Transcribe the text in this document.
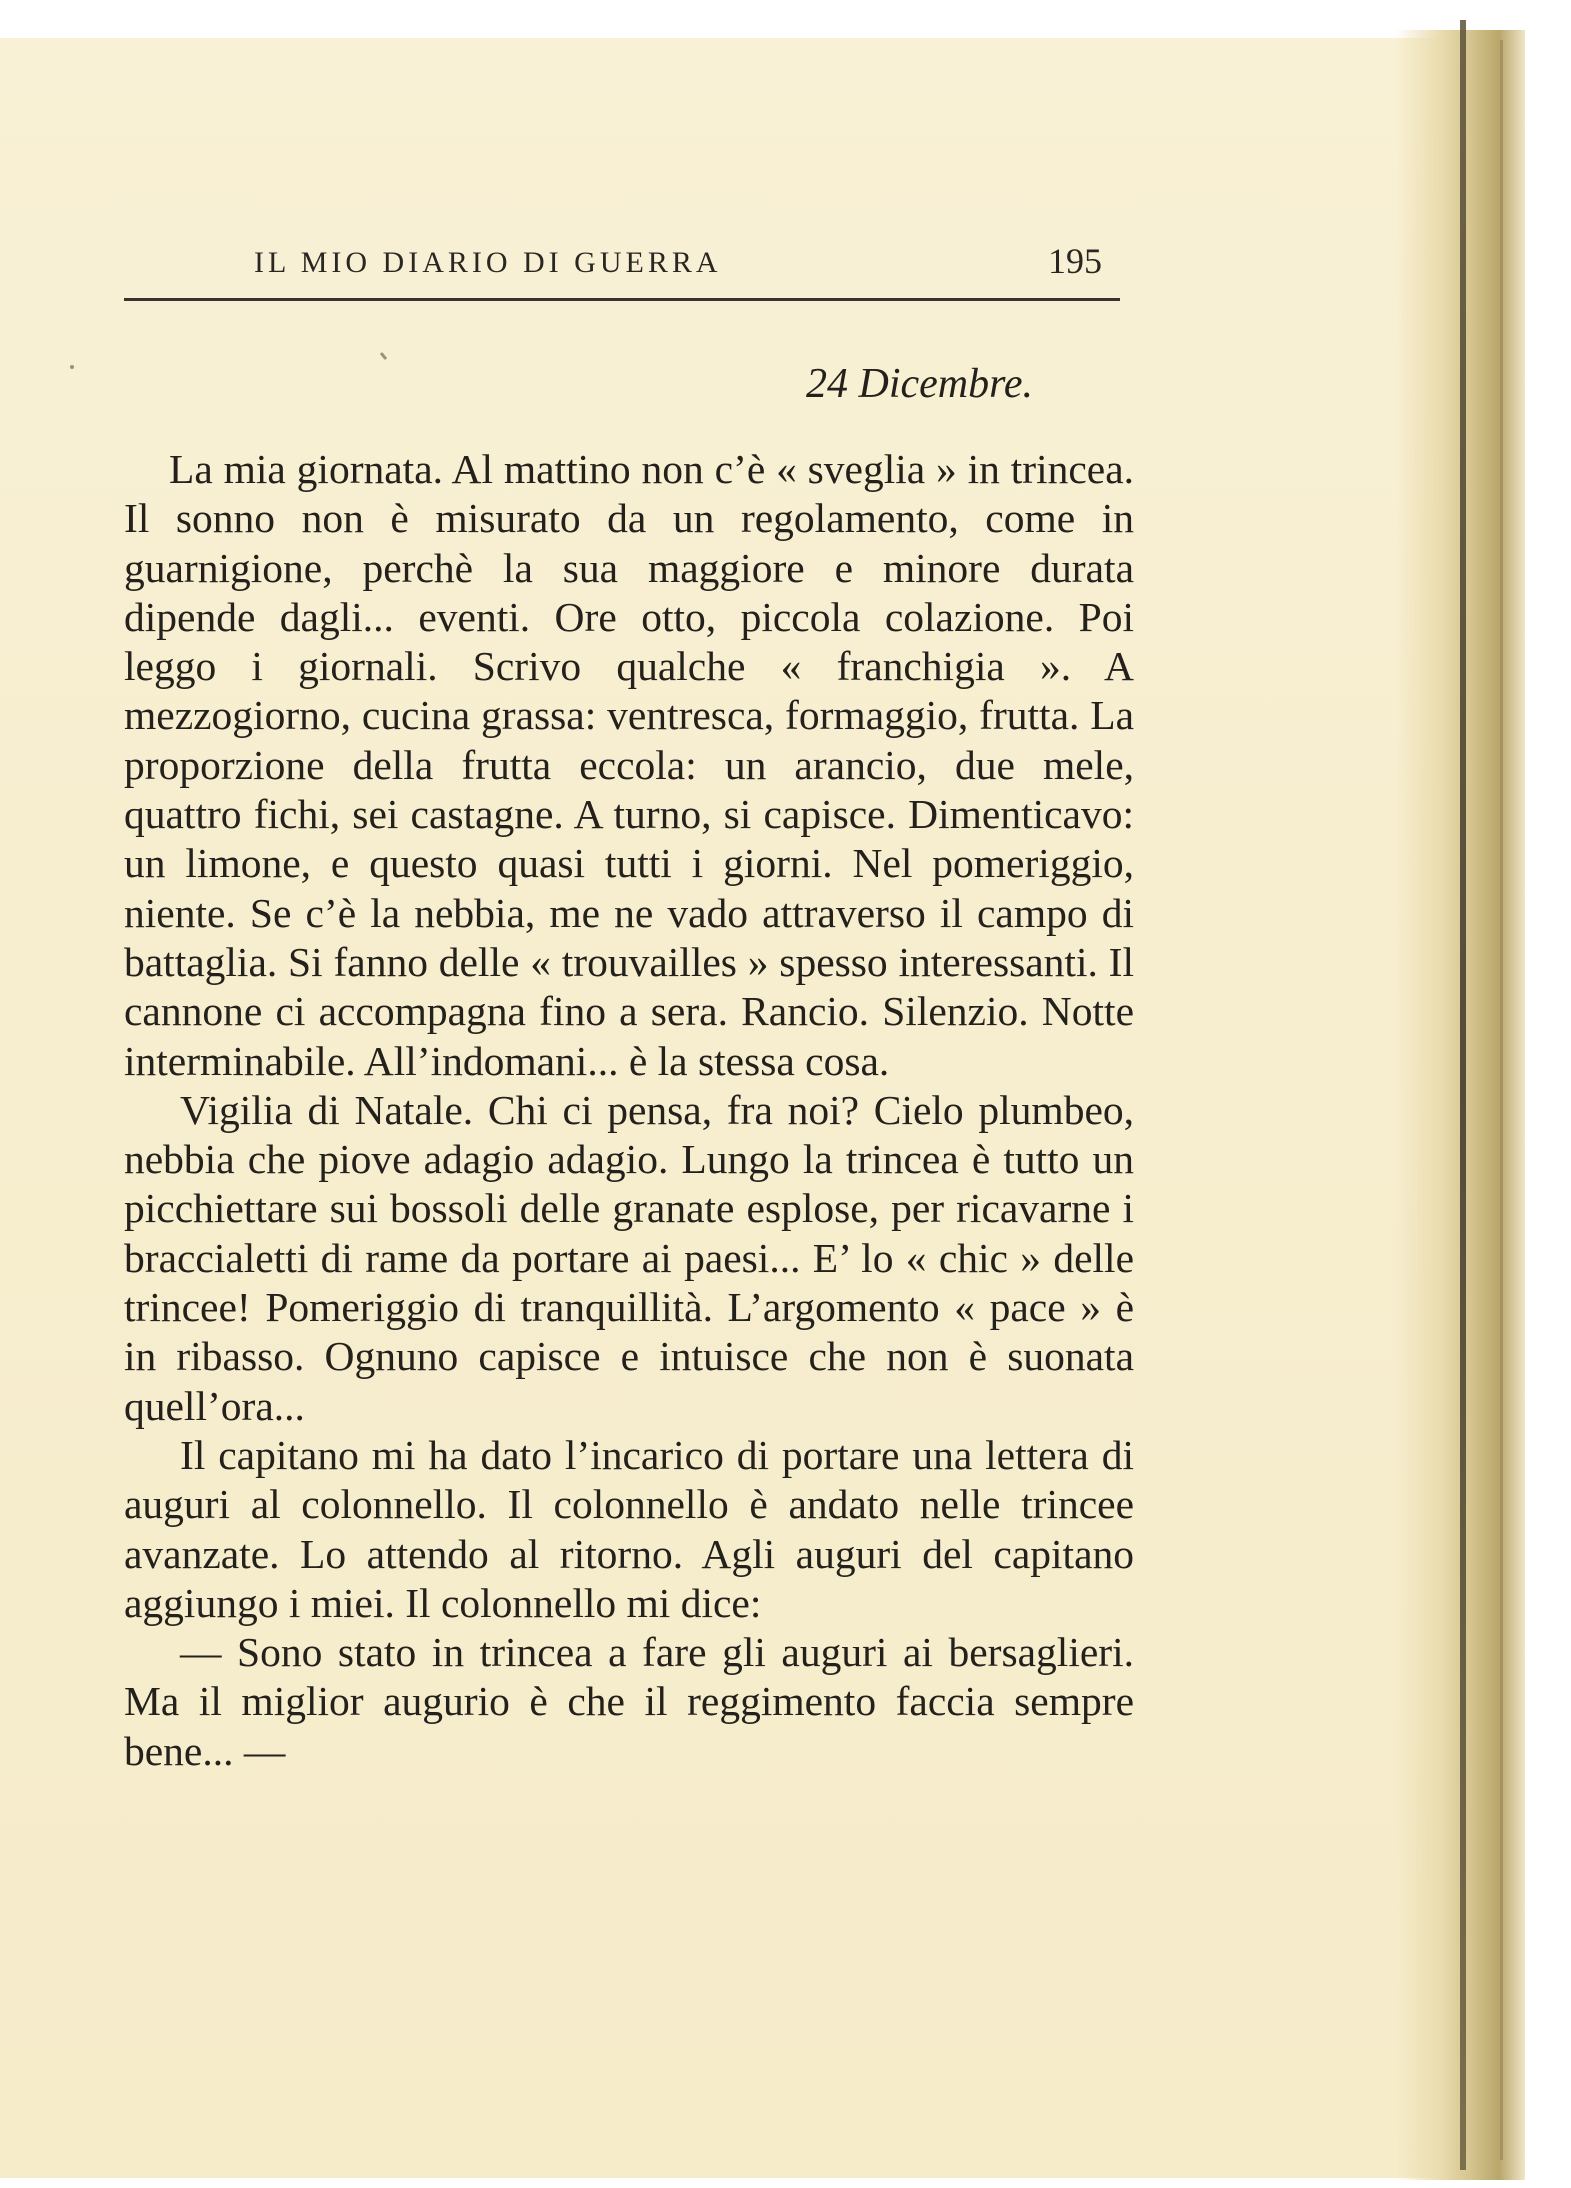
IL MIO DIARIO DI GUERRA	195
24 Dicembre.

La mia giornata. Al mattino non c’è « sveglia » in trincea. Il sonno non è misurato da un regolamento, come in guarnigione, perchè la sua maggiore e minore durata dipende dagli... eventi. Ore otto, piccola colazione. Poi leggo i giornali. Scrivo qualche « franchigia ». A mezzogiorno, cucina grassa: ventresca, formaggio, frutta. La proporzione della frutta eccola: un arancio, due mele, quattro fichi, sei castagne. A turno, si capisce. Dimenticavo: un limone, e questo quasi tutti i giorni. Nel pomeriggio, niente. Se c’è la nebbia, me ne vado attraverso il campo di battaglia. Si fanno delle « trouvailles » spesso interessanti. Il cannone ci accompagna fino a sera. Rancio. Silenzio. Notte interminabile. All’indomani... è la stessa cosa.

Vigilia di Natale. Chi ci pensa, fra noi? Cielo plumbeo, nebbia che piove adagio adagio. Lungo la trincea è tutto un picchiettare sui bossoli delle granate esplose, per ricavarne i braccialetti di rame da portare ai paesi... E’ lo « chic » delle trincee! Pomeriggio di tranquillità. L’argomento « pace » è in ribasso. Ognuno capisce e intuisce che non è suonata quell’ora...

Il capitano mi ha dato l’incarico di portare una lettera di auguri al colonnello. Il colonnello è andato nelle trincee avanzate. Lo attendo al ritorno. Agli auguri del capitano aggiungo i miei. Il colonnello mi dice:

— Sono stato in trincea a fare gli auguri ai bersaglieri. Ma il miglior augurio è che il reggimento faccia sempre bene... —
